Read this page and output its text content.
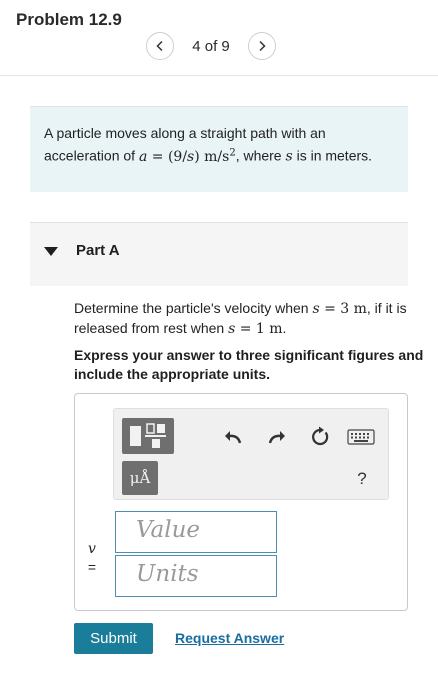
Problem 12.9
4 of 9
A particle moves along a straight path with an acceleration of a = (9/s) $m/s^2$, where s is in meters.
Part A
Determine the particle's velocity when s = 3 m, if it is released from rest when s = 1 m.
Express your answer to three significant figures and include the appropriate units.
μÅ	?
v
=
Value
Units
Submit	Request Answer
